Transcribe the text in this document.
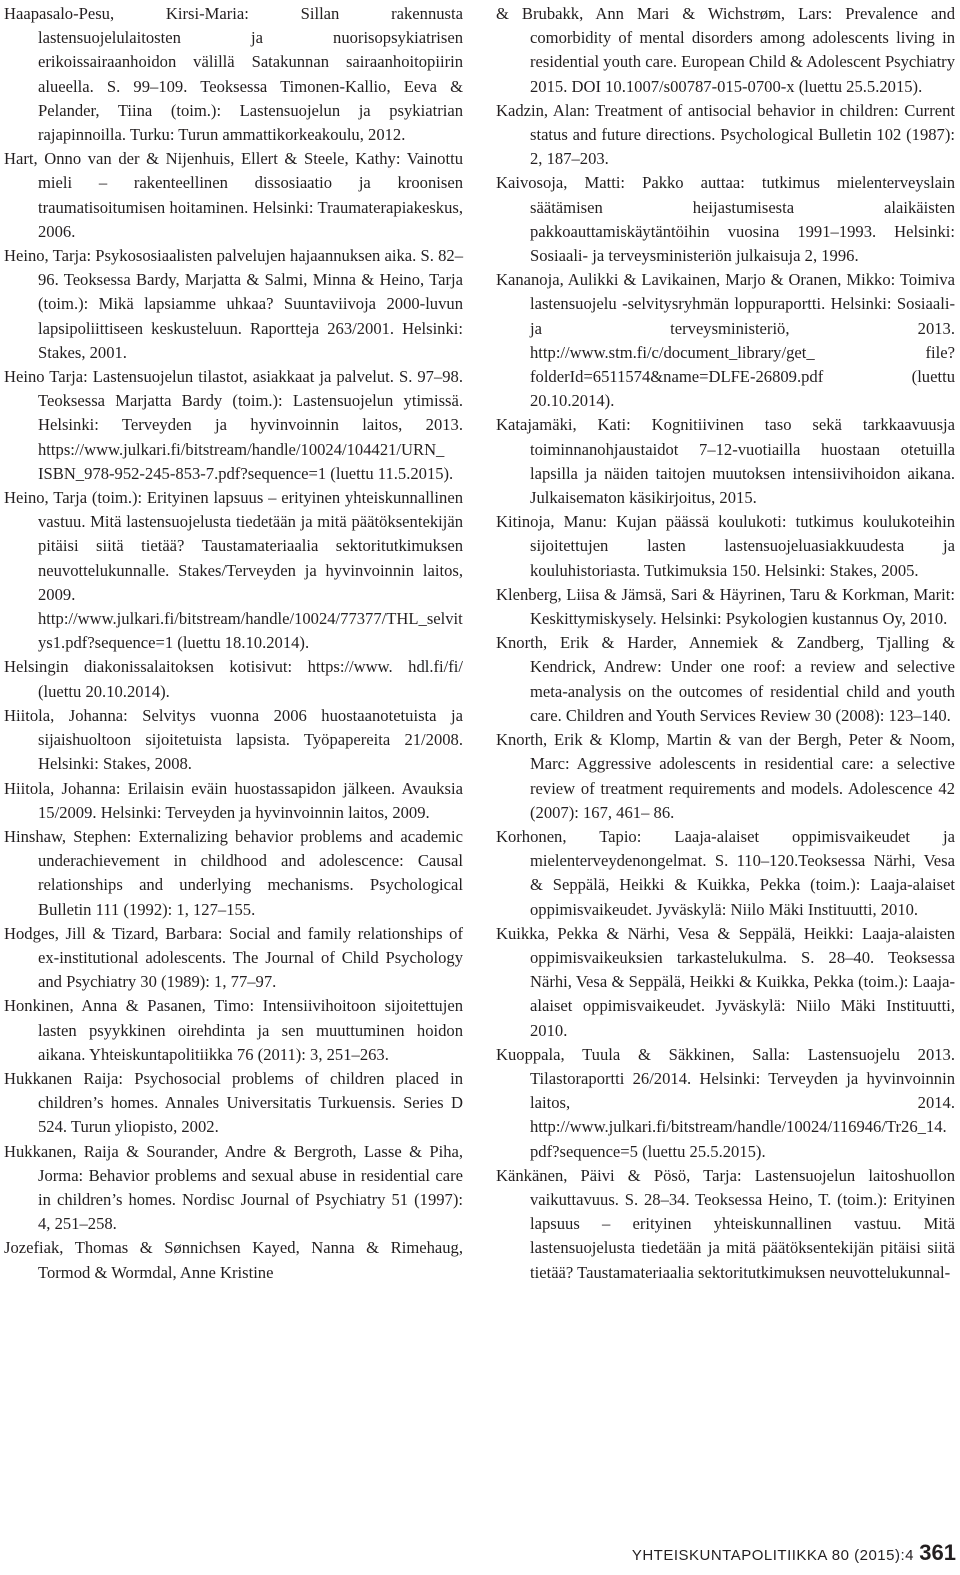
Haapasalo-Pesu, Kirsi-Maria: Sillan rakennusta lastensuojelulaitosten ja nuorisopsykiatrisen erikoissairaanhoidon välillä Satakunnan sairaanhoitopiirin alueella. S. 99–109. Teoksessa Timonen-Kallio, Eeva & Pelander, Tiina (toim.): Lastensuojelun ja psykiatrian rajapinnoilla. Turku: Turun ammattikorkeakoulu, 2012.

Hart, Onno van der & Nijenhuis, Ellert & Steele, Kathy: Vainottu mieli – rakenteellinen dissosiaatio ja kroonisen traumatisoitumisen hoitaminen. Helsinki: Traumaterapiakeskus, 2006.

Heino, Tarja: Psykososiaalisten palvelujen hajaannuksen aika. S. 82–96. Teoksessa Bardy, Marjatta & Salmi, Minna & Heino, Tarja (toim.): Mikä lapsiamme uhkaa? Suuntaviivoja 2000-luvun lapsipoliittiseen keskusteluun. Raportteja 263/2001. Helsinki: Stakes, 2001.

Heino Tarja: Lastensuojelun tilastot, asiakkaat ja palvelut. S. 97–98. Teoksessa Marjatta Bardy (toim.): Lastensuojelun ytimissä. Helsinki: Terveyden ja hyvinvoinnin laitos, 2013. https://www.julkari.fi/bitstream/handle/10024/104421/URN_ ISBN_978-952-245-853-7.pdf?sequence=1 (luettu 11.5.2015).

Heino, Tarja (toim.): Erityinen lapsuus – erityinen yhteiskunnallinen vastuu. Mitä lastensuojelusta tiedetään ja mitä päätöksentekijän pitäisi siitä tietää? Taustamateriaalia sektoritutkimuksen neuvottelukunnalle. Stakes/Terveyden ja hyvinvoinnin laitos, 2009. http://www.julkari.fi/bitstream/handle/10024/77377/THL_selvitys1.pdf?sequence=1 (luettu 18.10.2014).

Helsingin diakonissalaitoksen kotisivut: https://www. hdl.fi/fi/ (luettu 20.10.2014).

Hiitola, Johanna: Selvitys vuonna 2006 huostaanotetuista ja sijaishuoltoon sijoitetuista lapsista. Työpapereita 21/2008. Helsinki: Stakes, 2008.

Hiitola, Johanna: Erilaisin eväin huostassapidon jälkeen. Avauksia 15/2009. Helsinki: Terveyden ja hyvinvoinnin laitos, 2009.

Hinshaw, Stephen: Externalizing behavior problems and academic underachievement in childhood and adolescence: Causal relationships and underlying mechanisms. Psychological Bulletin 111 (1992): 1, 127–155.

Hodges, Jill & Tizard, Barbara: Social and family relationships of ex-institutional adolescents. The Journal of Child Psychology and Psychiatry 30 (1989): 1, 77–97.

Honkinen, Anna & Pasanen, Timo: Intensiivihoitoon sijoitettujen lasten psyykkinen oirehdinta ja sen muuttuminen hoidon aikana. Yhteiskuntapolitiikka 76 (2011): 3, 251–263.

Hukkanen Raija: Psychosocial problems of children placed in children’s homes. Annales Universitatis Turkuensis. Series D 524. Turun yliopisto, 2002.

Hukkanen, Raija & Sourander, Andre & Bergroth, Lasse & Piha, Jorma: Behavior problems and sexual abuse in residential care in children’s homes. Nordisc Journal of Psychiatry 51 (1997): 4, 251–258.

Jozefiak, Thomas & Sønnichsen Kayed, Nanna & Rimehaug, Tormod & Wormdal, Anne Kristine

& Brubakk, Ann Mari & Wichstrøm, Lars: Prevalence and comorbidity of mental disorders among adolescents living in residential youth care. European Child & Adolescent Psychiatry 2015. DOI 10.1007/s00787-015-0700-x (luettu 25.5.2015).

Kadzin, Alan: Treatment of antisocial behavior in children: Current status and future directions. Psychological Bulletin 102 (1987): 2, 187–203.

Kaivosoja, Matti: Pakko auttaa: tutkimus mielenterveyslain säätämisen heijastumisesta alaikäisten pakkoauttamiskäytäntöihin vuosina 1991–1993. Helsinki: Sosiaali- ja terveysministeriön julkaisuja 2, 1996.

Kananoja, Aulikki & Lavikainen, Marjo & Oranen, Mikko: Toimiva lastensuojelu -selvitysryhmän loppuraportti. Helsinki: Sosiaali- ja terveysministeriö, 2013. http://www.stm.fi/c/document_library/get_ file?folderId=6511574&name=DLFE-26809.pdf (luettu 20.10.2014).

Katajamäki, Kati: Kognitiivinen taso sekä tarkkaavuusja toiminnanohjaustaidot 7–12-vuotiailla huostaan otetuilla lapsilla ja näiden taitojen muutoksen intensiivihoidon aikana. Julkaisematon käsikirjoitus, 2015.

Kitinoja, Manu: Kujan päässä koulukoti: tutkimus koulukoteihin sijoitettujen lasten lastensuojeluasiakkuudesta ja kouluhistoriasta. Tutkimuksia 150. Helsinki: Stakes, 2005.

Klenberg, Liisa & Jämsä, Sari & Häyrinen, Taru & Korkman, Marit: Keskittymiskysely. Helsinki: Psykologien kustannus Oy, 2010.

Knorth, Erik & Harder, Annemiek & Zandberg, Tjalling & Kendrick, Andrew: Under one roof: a review and selective meta-analysis on the outcomes of residential child and youth care. Children and Youth Services Review 30 (2008): 123–140.

Knorth, Erik & Klomp, Martin & van der Bergh, Peter & Noom, Marc: Aggressive adolescents in residential care: a selective review of treatment requirements and models. Adolescence 42 (2007): 167, 461– 86.

Korhonen, Tapio: Laaja-alaiset oppimisvaikeudet ja mielenterveydenongelmat. S. 110–120.Teoksessa Närhi, Vesa & Seppälä, Heikki & Kuikka, Pekka (toim.): Laaja-alaiset oppimisvaikeudet. Jyväskylä: Niilo Mäki Instituutti, 2010.

Kuikka, Pekka & Närhi, Vesa & Seppälä, Heikki: Laaja-alaisten oppimisvaikeuksien tarkastelukulma. S. 28–40. Teoksessa Närhi, Vesa & Seppälä, Heikki & Kuikka, Pekka (toim.): Laaja-alaiset oppimisvaikeudet. Jyväskylä: Niilo Mäki Instituutti, 2010.

Kuoppala, Tuula & Säkkinen, Salla: Lastensuojelu 2013. Tilastoraportti 26/2014. Helsinki: Terveyden ja hyvinvoinnin laitos, 2014. http://www.julkari.fi/bitstream/handle/10024/116946/Tr26_14. pdf?sequence=5 (luettu 25.5.2015).

Känkänen, Päivi & Pösö, Tarja: Lastensuojelun laitoshuollon vaikuttavuus. S. 28–34. Teoksessa Heino, T. (toim.): Erityinen lapsuus – erityinen yhteiskunnallinen vastuu. Mitä lastensuojelusta tiedetään ja mitä päätöksentekijän pitäisi siitä tietää? Taustamateriaalia sektoritutkimuksen neuvottelukunnal-

YHTEISKUNTAPOLITIIKKA 80 (2015):4 361
